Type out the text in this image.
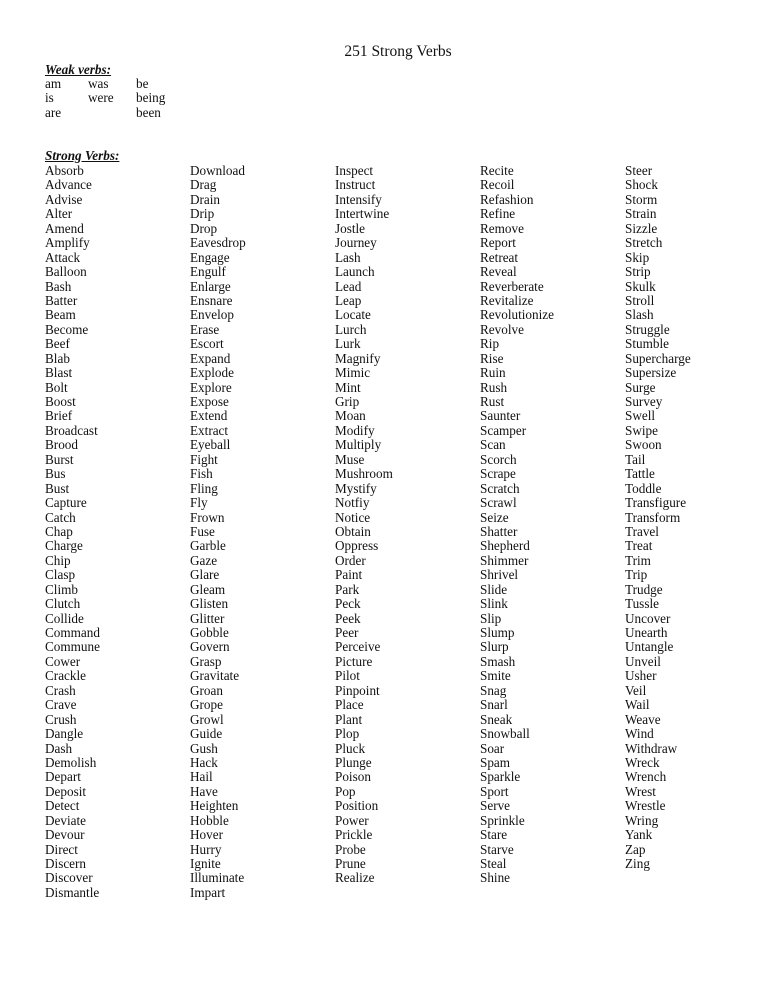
251 Strong Verbs
Weak verbs:
am
is
are
was
were
be
being
been
Strong Verbs:
Absorb
Advance
Advise
Alter
Amend
Amplify
Attack
Balloon
Bash
Batter
Beam
Become
Beef
Blab
Blast
Bolt
Boost
Brief
Broadcast
Brood
Burst
Bus
Bust
Capture
Catch
Chap
Charge
Chip
Clasp
Climb
Clutch
Collide
Command
Commune
Cower
Crackle
Crash
Crave
Crush
Dangle
Dash
Demolish
Depart
Deposit
Detect
Deviate
Devour
Direct
Discern
Discover
Dismantle
Download
Drag
Drain
Drip
Drop
Eavesdrop
Engage
Engulf
Enlarge
Ensnare
Envelop
Erase
Escort
Expand
Explode
Explore
Expose
Extend
Extract
Eyeball
Fight
Fish
Fling
Fly
Frown
Fuse
Garble
Gaze
Glare
Gleam
Glisten
Glitter
Gobble
Govern
Grasp
Gravitate
Groan
Grope
Growl
Guide
Gush
Hack
Hail
Have
Heighten
Hobble
Hover
Hurry
Ignite
Illuminate
Impart
Inspect
Instruct
Intensify
Intertwine
Jostle
Journey
Lash
Launch
Lead
Leap
Locate
Lurch
Lurk
Magnify
Mimic
Mint
Grip
Moan
Modify
Multiply
Muse
Mushroom
Mystify
Notfiy
Notice
Obtain
Oppress
Order
Paint
Park
Peck
Peek
Peer
Perceive
Picture
Pilot
Pinpoint
Place
Plant
Plop
Pluck
Plunge
Poison
Pop
Position
Power
Prickle
Probe
Prune
Realize
Recite
Recoil
Refashion
Refine
Remove
Report
Retreat
Reveal
Reverberate
Revitalize
Revolutionize
Revolve
Rip
Rise
Ruin
Rush
Rust
Saunter
Scamper
Scan
Scorch
Scrape
Scratch
Scrawl
Seize
Shatter
Shepherd
Shimmer
Shrivel
Slide
Slink
Slip
Slump
Slurp
Smash
Smite
Snag
Snarl
Sneak
Snowball
Soar
Spam
Sparkle
Sport
Serve
Sprinkle
Stare
Starve
Steal
Shine
Steer
Shock
Storm
Strain
Sizzle
Stretch
Skip
Strip
Skulk
Stroll
Slash
Struggle
Stumble
Supercharge
Supersize
Surge
Survey
Swell
Swipe
Swoon
Tail
Tattle
Toddle
Transfigure
Transform
Travel
Treat
Trim
Trip
Trudge
Tussle
Uncover
Unearth
Untangle
Unveil
Usher
Veil
Wail
Weave
Wind
Withdraw
Wreck
Wrench
Wrest
Wrestle
Wring
Yank
Zap
Zing
